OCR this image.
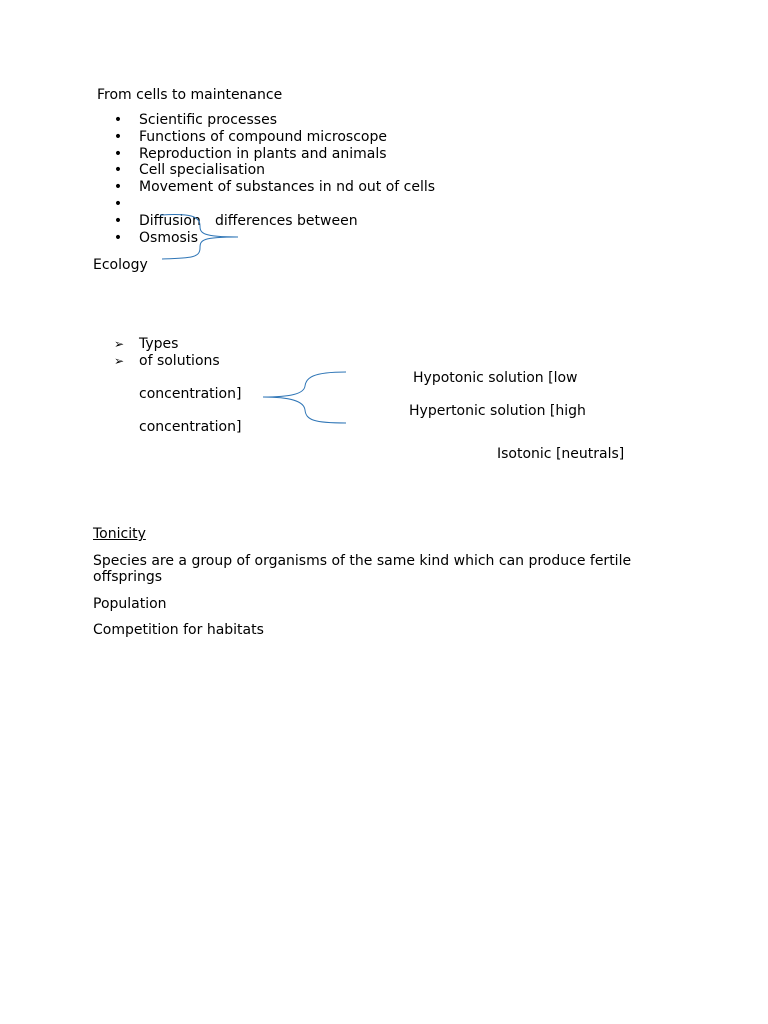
From cells to maintenance
• Scientific processes
• Functions of compound microscope
• Reproduction in plants and animals
• Cell specialisation
• Movement of substances in nd out of cells
•
• Diffusion differences between
• Osmosis
Ecology
➢ Types
➢ of solutions
Hypotonic solution [low
concentration]
Hypertonic solution [high
concentration]
Isotonic [neutrals]
Tonicity
Species are a group of organisms of the same kind which can produce fertile
offsprings
Population
Competition for habitats
